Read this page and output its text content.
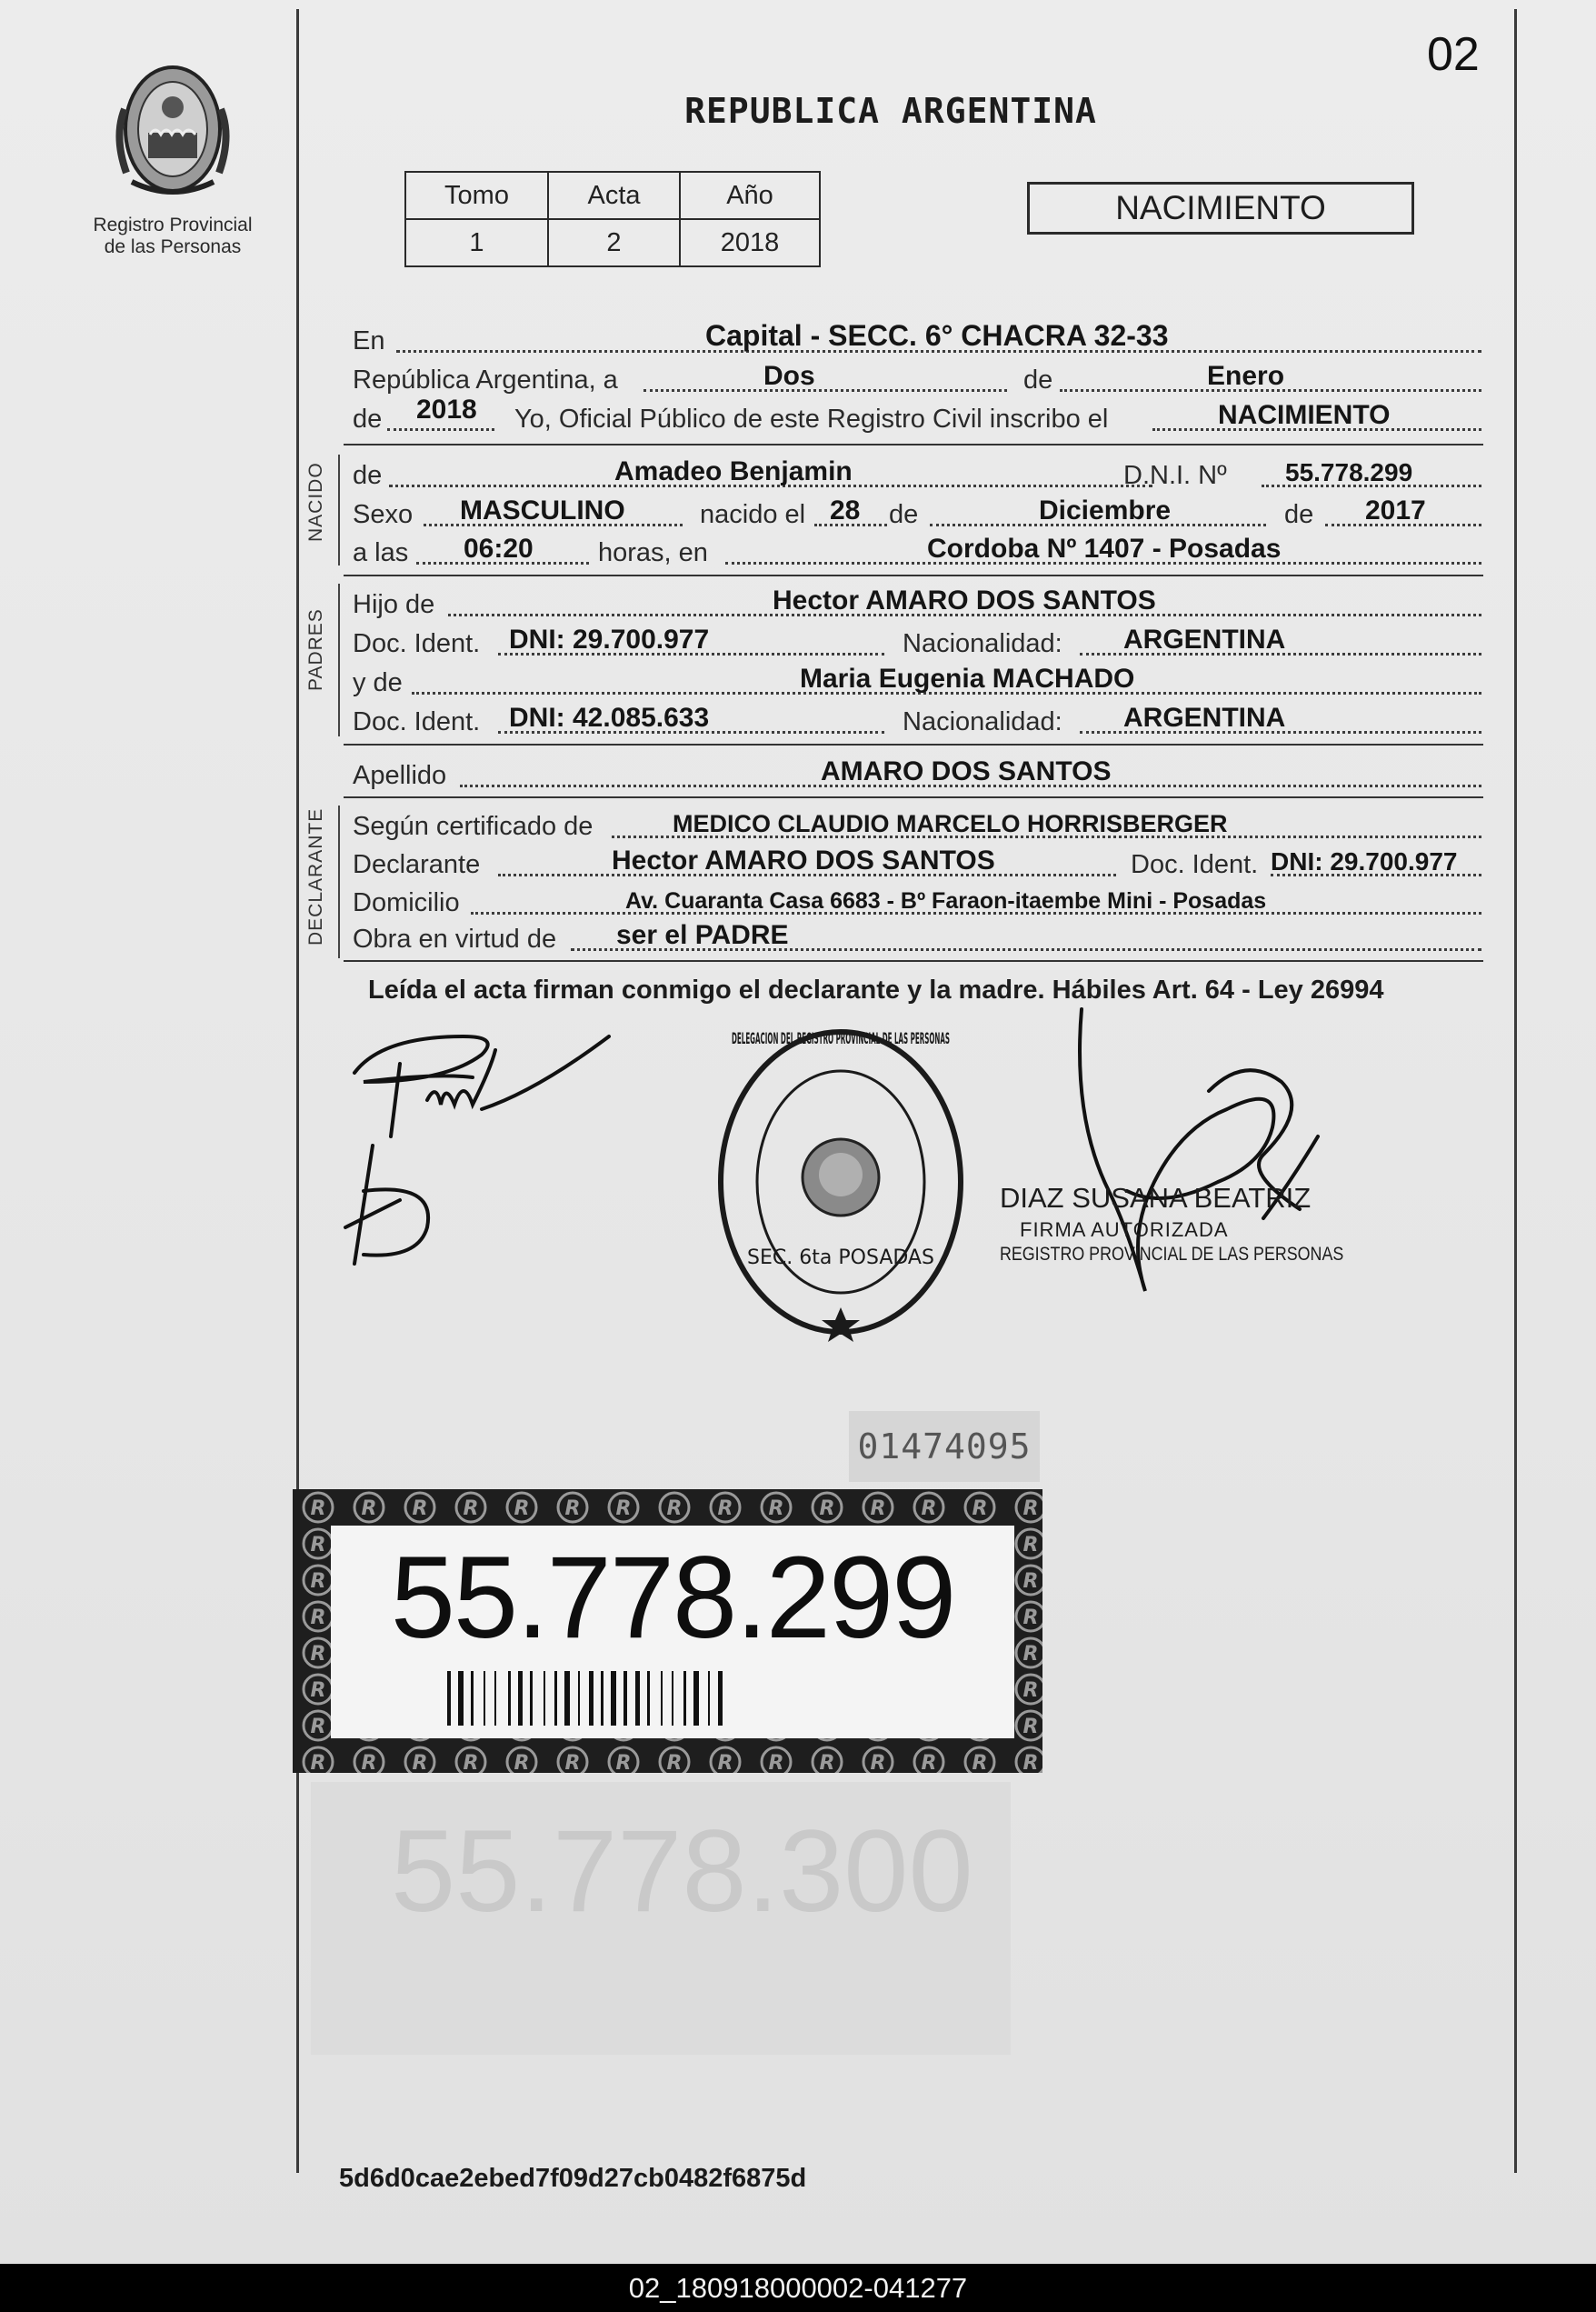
Registro Provincial
de las Personas
02
REPUBLICA ARGENTINA
Tomo	Acta	Año
1	2	2018
NACIMIENTO
En	Capital - SECC. 6° CHACRA 32-33
República Argentina, a	Dos	de	Enero
de 2018 Yo, Oficial Público de este Registro Civil inscribo el	NACIMIENTO
NACIDO de	Amadeo Benjamin	D.N.I. Nº 55.778.299
Sexo MASCULINO	nacido el 28 de	Diciembre	de 2017
a las 06:20 horas, en	Cordoba Nº 1407 - Posadas
PADRES
Hijo de	Hector AMARO DOS SANTOS
Doc. Ident. DNI: 29.700.977	Nacionalidad: ARGENTINA
y de	Maria Eugenia MACHADO
Doc. Ident. DNI: 42.085.633	Nacionalidad: ARGENTINA
Apellido	AMARO DOS SANTOS
DECLARANTE Según certificado de	MEDICO CLAUDIO MARCELO HORRISBERGER
Declarante	Hector AMARO DOS SANTOS	Doc. Ident. DNI: 29.700.977
Domicilio	Av. Cuaranta Casa 6683 - Bº Faraon-itaembe Mini - Posadas
Obra en virtud de ser el PADRE
Leída el acta firman conmigo el declarante y la madre. Hábiles Art. 64 - Ley 26994
DELEGACION DEL REGISTRO PROVINCIAL DE LAS PERSONAS
SEC. 6ta POSADAS
DIAZ SUSANA BEATRIZ
FIRMA AUTORIZADA
REGISTRO PROVINCIAL DE LAS PERSONAS
01474095
55.778.299
55.778.300
5d6d0cae2ebed7f09d27cb0482f6875d
02_180918000002-041277
